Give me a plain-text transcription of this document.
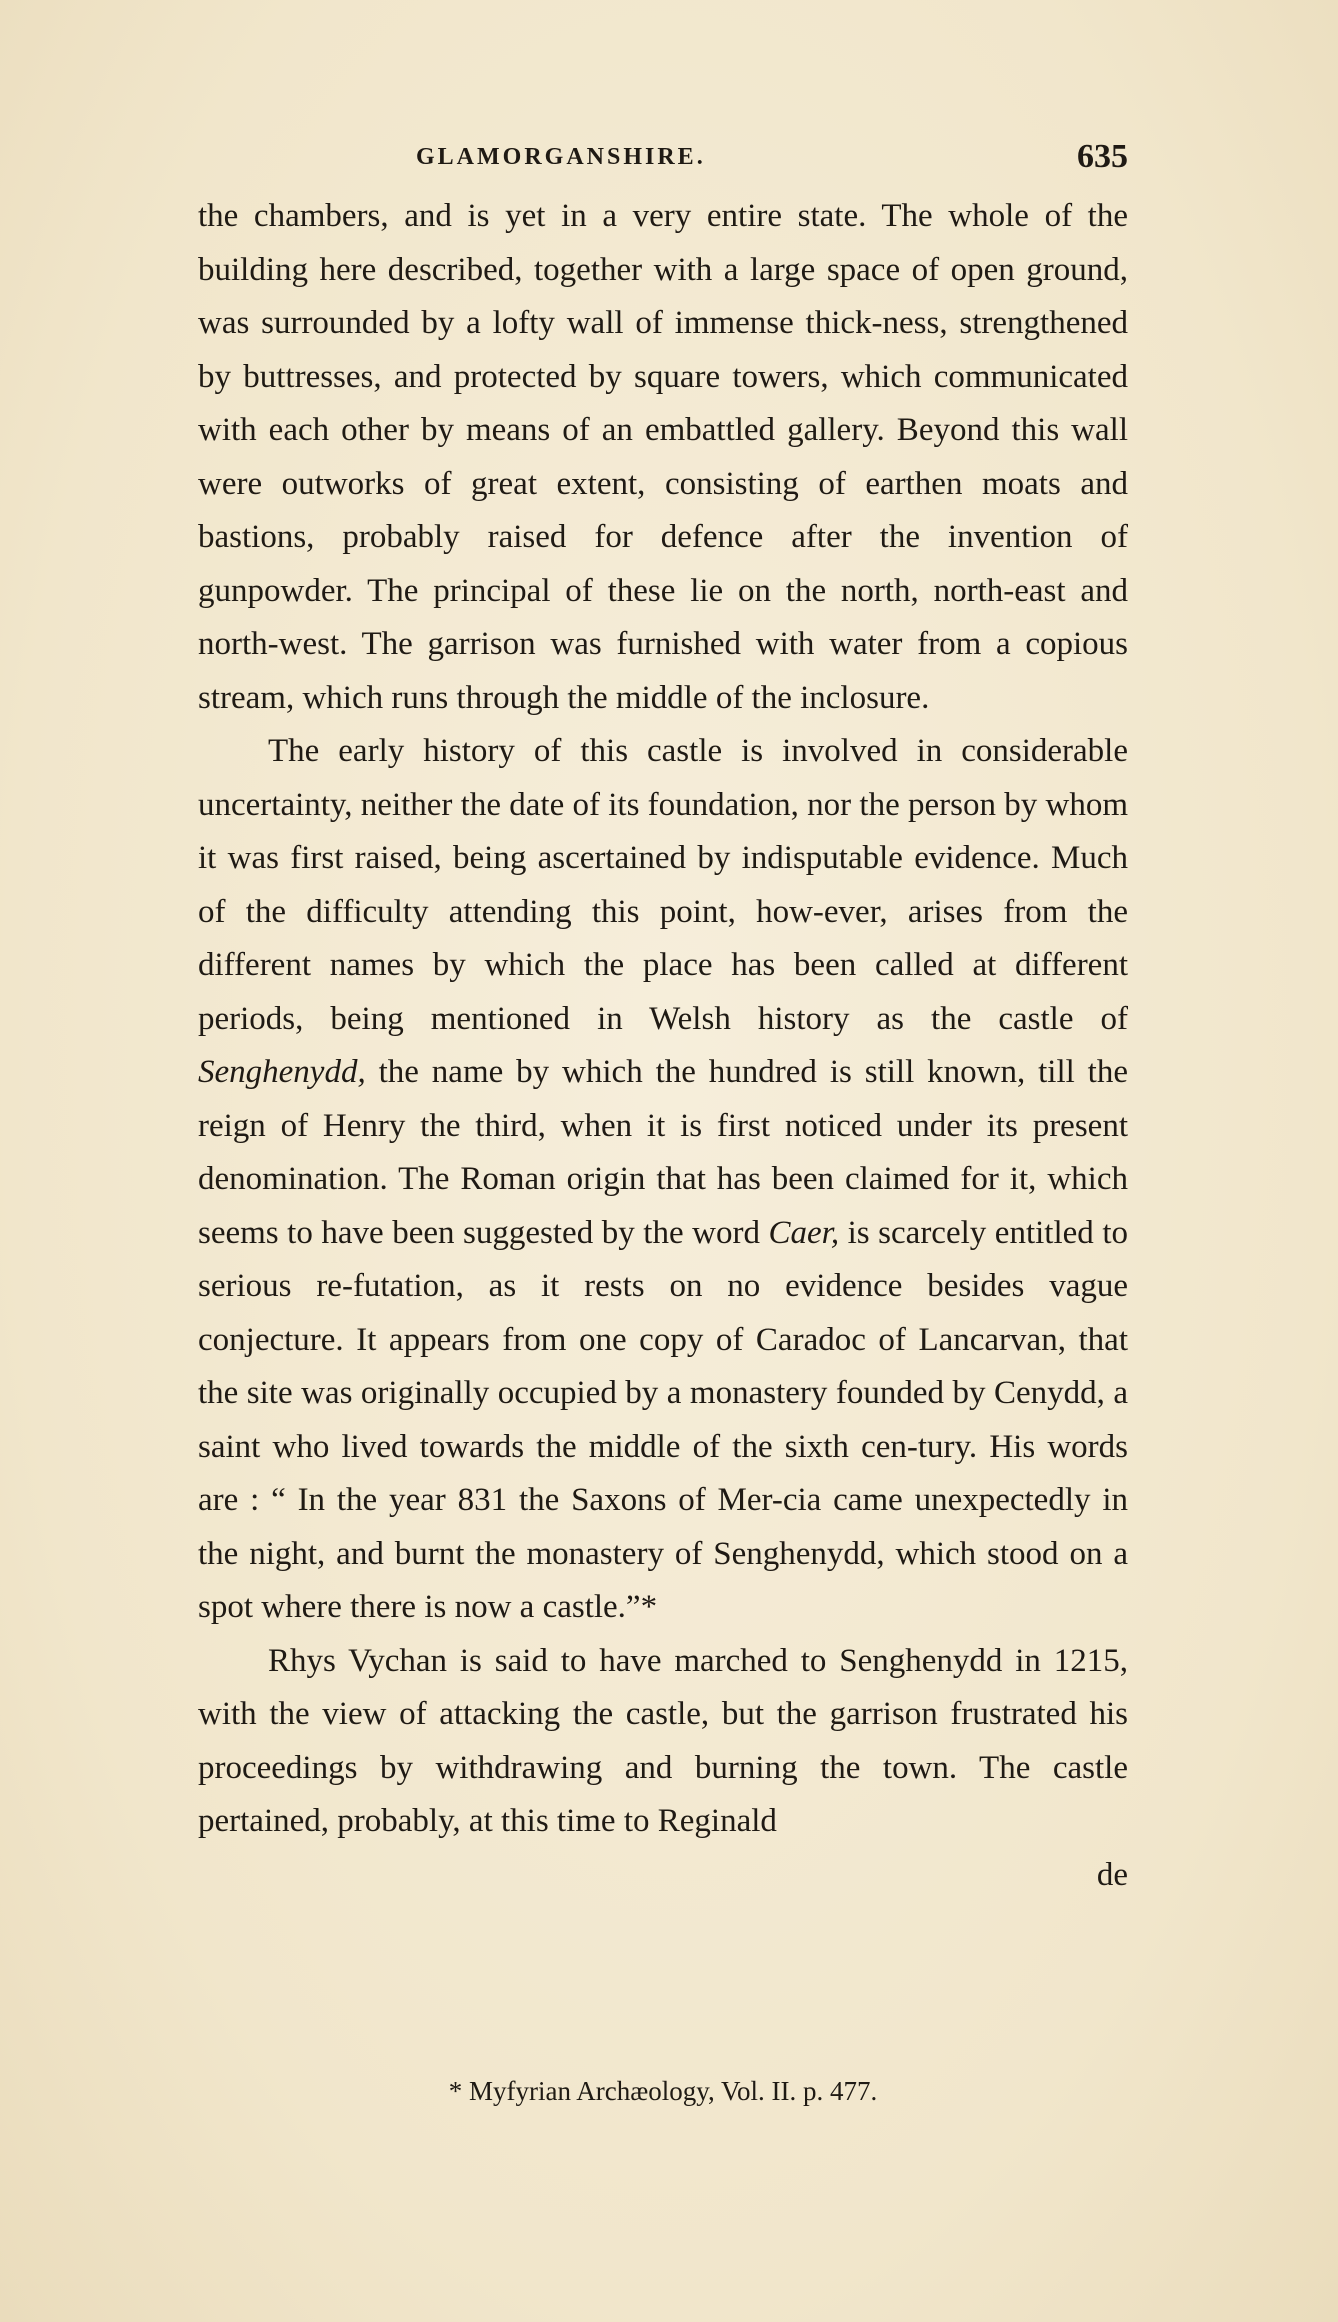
GLAMORGANSHIRE.	635

the chambers, and is yet in a very entire state. The whole of the building here described, together with a large space of open ground, was surrounded by a lofty wall of immense thick-ness, strengthened by buttresses, and protected by square towers, which communicated with each other by means of an embattled gallery. Beyond this wall were outworks of great extent, consisting of earthen moats and bastions, probably raised for defence after the invention of gunpowder. The principal of these lie on the north, north-east and north-west. The garrison was furnished with water from a copious stream, which runs through the middle of the inclosure.

The early history of this castle is involved in considerable uncertainty, neither the date of its foundation, nor the person by whom it was first raised, being ascertained by indisputable evidence. Much of the difficulty attending this point, how-ever, arises from the different names by which the place has been called at different periods, being mentioned in Welsh history as the castle of Senghenydd, the name by which the hundred is still known, till the reign of Henry the third, when it is first noticed under its present denomination. The Roman origin that has been claimed for it, which seems to have been suggested by the word Caer, is scarcely entitled to serious re-futation, as it rests on no evidence besides vague conjecture. It appears from one copy of Caradoc of Lancarvan, that the site was originally occupied by a monastery founded by Cenydd, a saint who lived towards the middle of the sixth cen-tury. His words are : “ In the year 831 the Saxons of Mer-cia came unexpectedly in the night, and burnt the monastery of Senghenydd, which stood on a spot where there is now a castle.”*

Rhys Vychan is said to have marched to Senghenydd in 1215, with the view of attacking the castle, but the garrison frustrated his proceedings by withdrawing and burning the town. The castle pertained, probably, at this time to Reginald
de

* Myfyrian Archæology, Vol. II. p. 477.
